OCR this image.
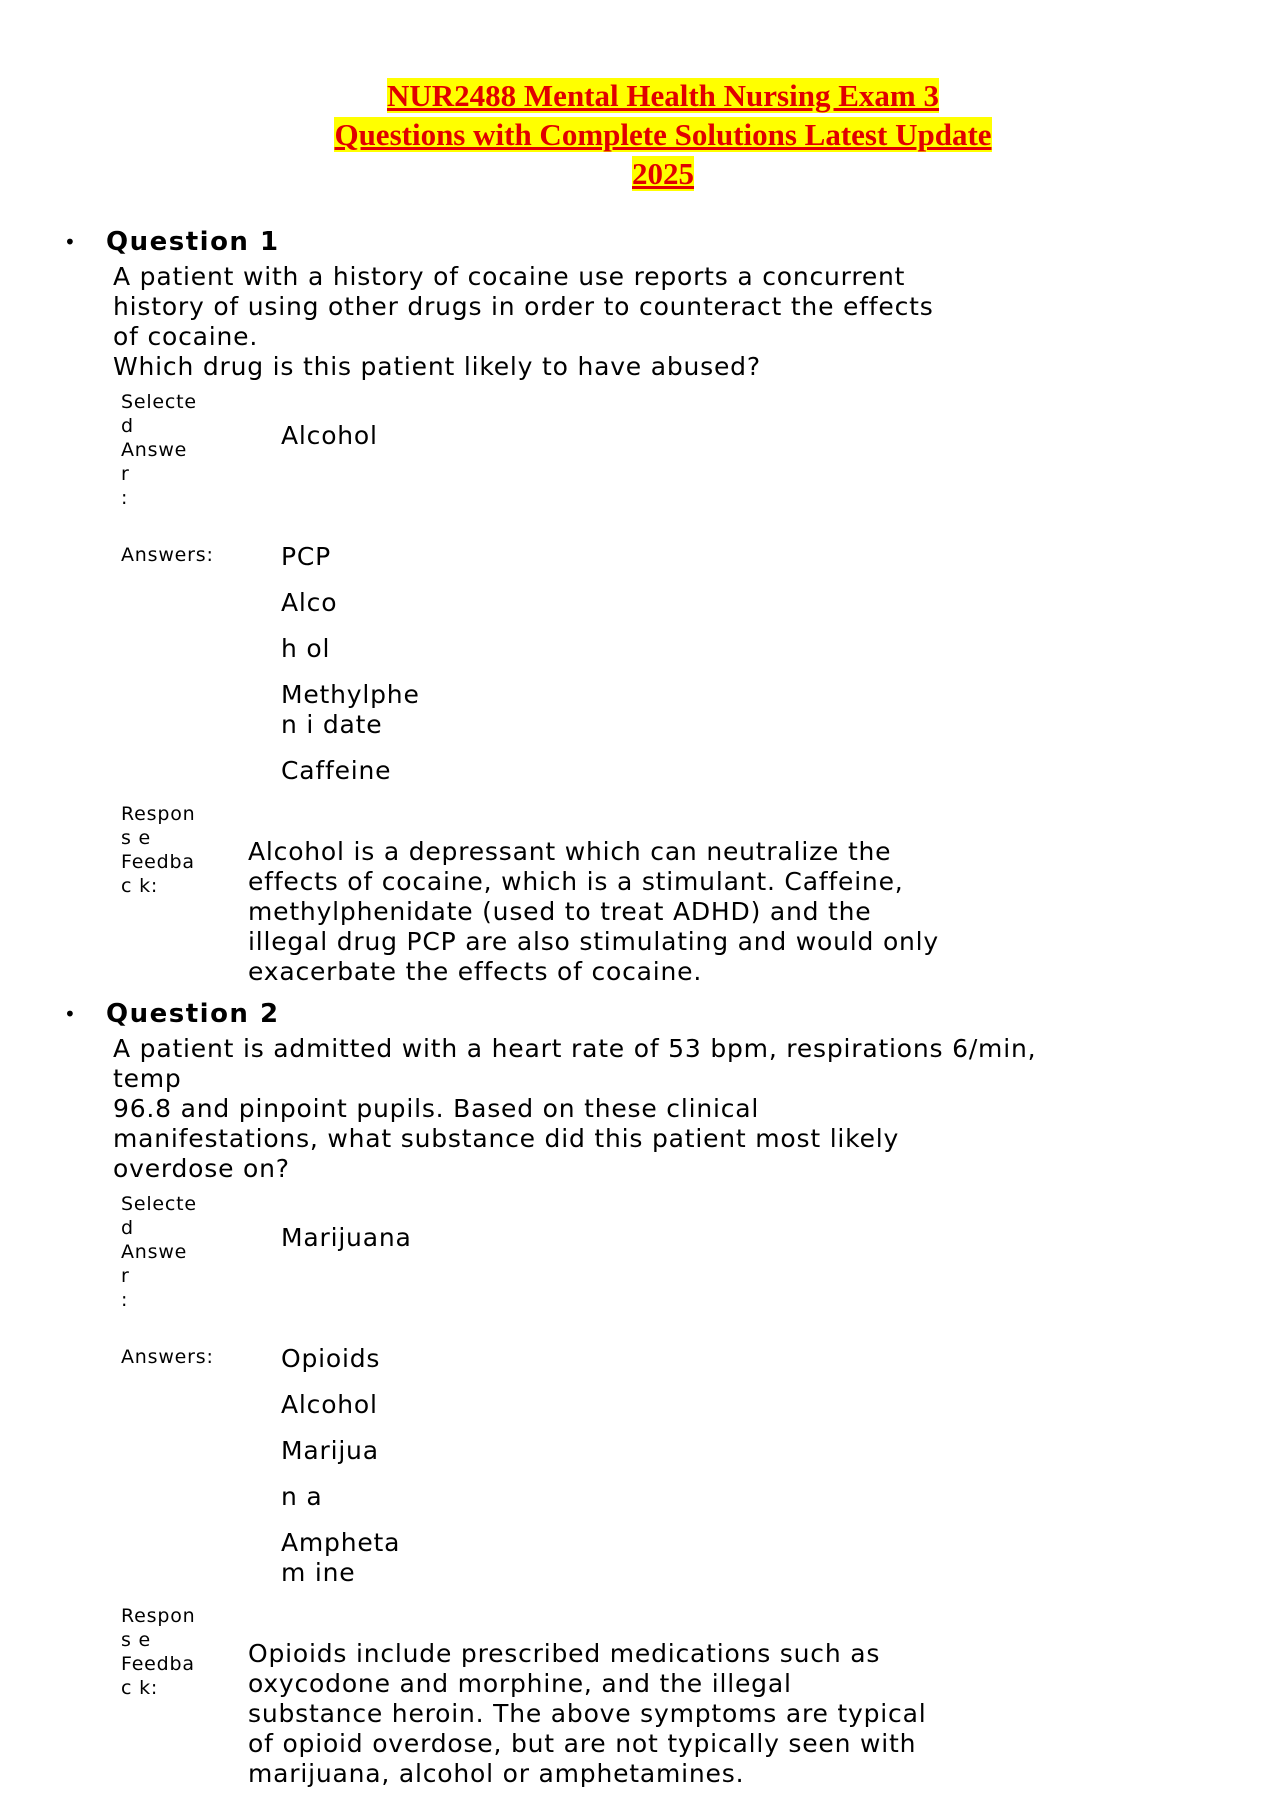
NUR2488 Mental Health Nursing Exam 3
Questions with Complete Solutions Latest Update
2025
• Question 1
A patient with a history of cocaine use reports a concurrent
history of using other drugs in order to counteract the effects
of cocaine.
Which drug is this patient likely to have abused?
Selecte
d
Answe
r
:
Alcohol
Answers:	PCP
Alco
h ol
Methylphe
n i date
Caffeine
Respon
s e
Feedba
c k:
Alcohol is a depressant which can neutralize the
effects of cocaine, which is a stimulant. Caffeine,
methylphenidate (used to treat ADHD) and the
illegal drug PCP are also stimulating and would only
exacerbate the effects of cocaine.
• Question 2
A patient is admitted with a heart rate of 53 bpm, respirations 6/min,
temp
96.8 and pinpoint pupils. Based on these clinical
manifestations, what substance did this patient most likely
overdose on?
Selecte
d
Answe
r
:
Marijuana
Answers:	Opioids
Alcohol
Marijua
n a
Ampheta
m ine
Respon
s e
Feedba
c k:
Opioids include prescribed medications such as
oxycodone and morphine, and the illegal
substance heroin. The above symptoms are typical
of opioid overdose, but are not typically seen with
marijuana, alcohol or amphetamines.
